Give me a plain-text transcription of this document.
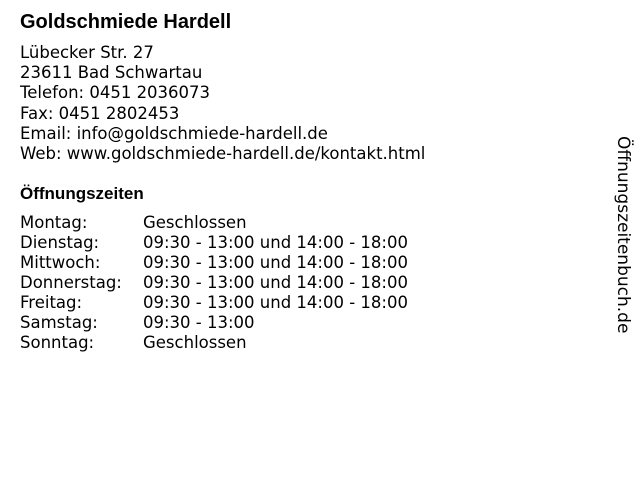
Goldschmiede Hardell
Lübecker Str. 27
23611 Bad Schwartau
Telefon: 0451 2036073
Fax: 0451 2802453
Email: info@goldschmiede-hardell.de
Web: www.goldschmiede-hardell.de/kontakt.html
Öffnungszeiten
Montag:	Geschlossen
Dienstag:	09:30 - 13:00 und 14:00 - 18:00
Mittwoch:	09:30 - 13:00 und 14:00 - 18:00
Donnerstag: 09:30 - 13:00 und 14:00 - 18:00
Freitag:	09:30 - 13:00 und 14:00 - 18:00
Samstag:	09:30 - 13:00
Sonntag:	Geschlossen
Öffnungszeitenbuch.de
